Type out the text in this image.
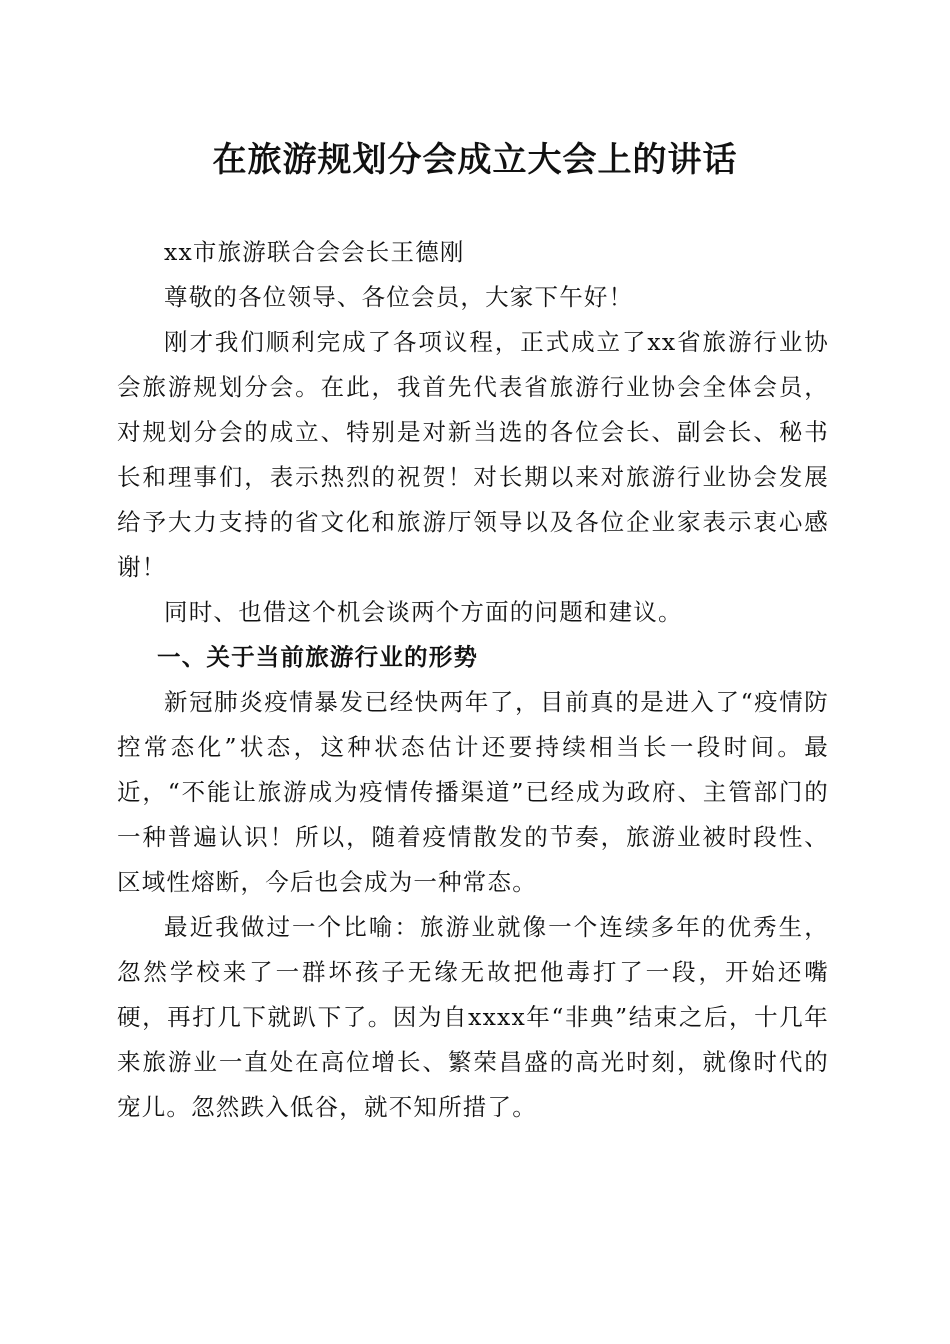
在旅游规划分会成立大会上的讲话

xx市旅游联合会会长王德刚

尊敬的各位领导、各位会员，大家下午好！

刚才我们顺利完成了各项议程，正式成立了xx省旅游行业协会旅游规划分会。在此，我首先代表省旅游行业协会全体会员，对规划分会的成立、特别是对新当选的各位会长、副会长、秘书长和理事们，表示热烈的祝贺！对长期以来对旅游行业协会发展给予大力支持的省文化和旅游厅领导以及各位企业家表示衷心感谢！

同时、也借这个机会谈两个方面的问题和建议。

一、关于当前旅游行业的形势

新冠肺炎疫情暴发已经快两年了，目前真的是进入了“疫情防控常态化”状态，这种状态估计还要持续相当长一段时间。最近，“不能让旅游成为疫情传播渠道”已经成为政府、主管部门的一种普遍认识！所以，随着疫情散发的节奏，旅游业被时段性、区域性熔断，今后也会成为一种常态。

最近我做过一个比喻：旅游业就像一个连续多年的优秀生，忽然学校来了一群坏孩子无缘无故把他毒打了一段，开始还嘴硬，再打几下就趴下了。因为自xxxx年“非典”结束之后，十几年来旅游业一直处在高位增长、繁荣昌盛的高光时刻，就像时代的宠儿。忽然跌入低谷，就不知所措了。
